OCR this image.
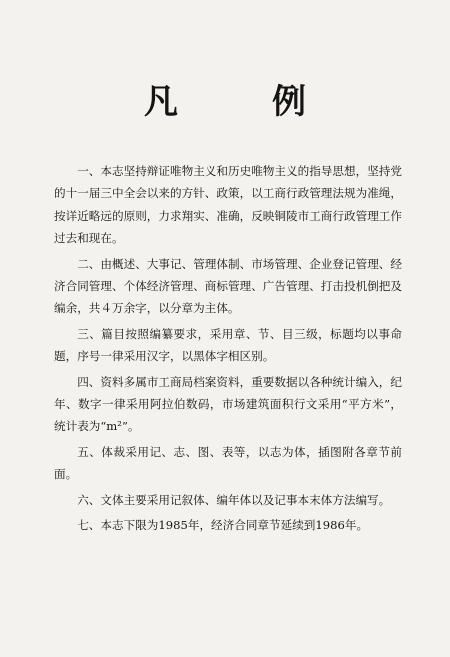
凡　例

一、本志坚持辩证唯物主义和历史唯物主义的指导思想，坚持党的十一届三中全会以来的方针、政策，以工商行政管理法规为准绳，按详近略远的原则，力求翔实、准确，反映铜陵市工商行政管理工作过去和现在。

二、由概述、大事记、管理体制、市场管理、企业登记管理、经济合同管理、个体经济管理、商标管理、广告管理、打击投机倒把及编余，共４万余字，以分章为主体。

三、篇目按照编纂要求，采用章、节、目三级，标题均以事命题，序号一律采用汉字，以黑体字相区别。

四、资料多属市工商局档案资料，重要数据以各种统计编入，纪年、数字一律采用阿拉伯数码，市场建筑面积行文采用“平方米”，统计表为“m²”。

五、体裁采用记、志、图、表等，以志为体，插图附各章节前面。

六、文体主要采用记叙体、编年体以及记事本末体方法编写。

七、本志下限为1985年，经济合同章节延续到1986年。
